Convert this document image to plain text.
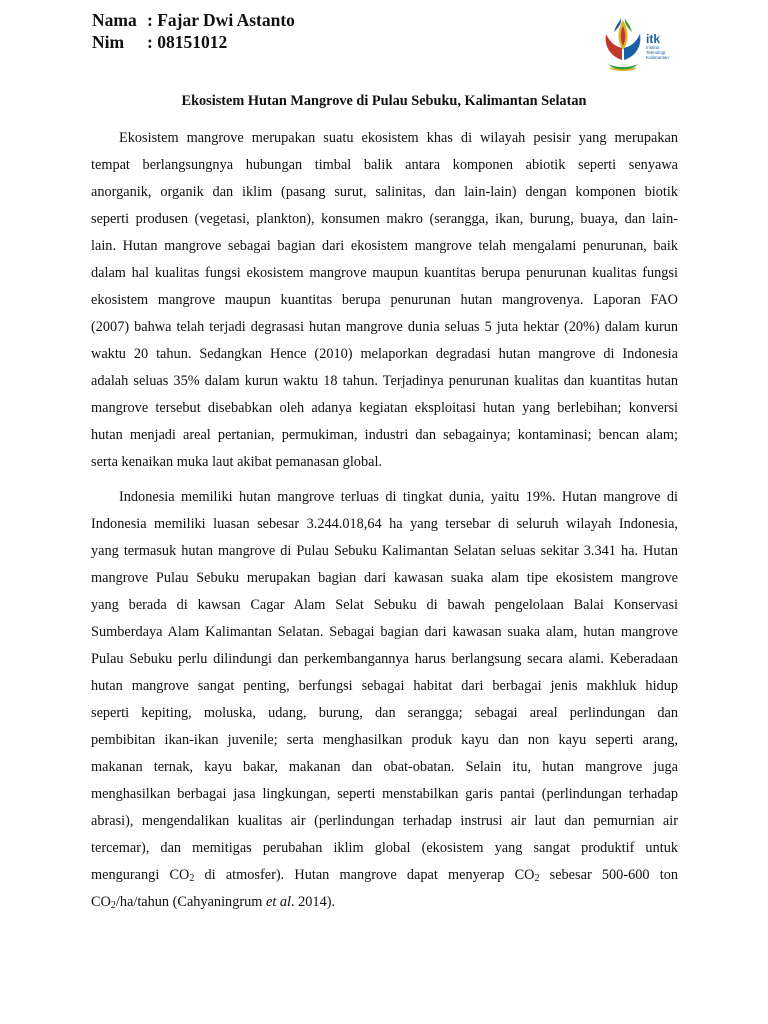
Nama : Fajar Dwi Astanto
Nim : 08151012	itk
Institut
Teknologi
Kalimantan
Ekosistem Hutan Mangrove di Pulau Sebuku, Kalimantan Selatan
Ekosistem mangrove merupakan suatu ekosistem khas di wilayah pesisir yang merupakan
tempat berlangsungnya hubungan timbal balik antara komponen abiotik seperti senyawa
anorganik, organik dan iklim (pasang surut, salinitas, dan lain-lain) dengan komponen biotik
seperti produsen (vegetasi, plankton), konsumen makro (serangga, ikan, burung, buaya, dan lain-
lain. Hutan mangrove sebagai bagian dari ekosistem mangrove telah mengalami penurunan, baik
dalam hal kualitas fungsi ekosistem mangrove maupun kuantitas berupa penurunan kualitas fungsi
ekosistem mangrove maupun kuantitas berupa penurunan hutan mangrovenya. Laporan FAO
(2007) bahwa telah terjadi degrasasi hutan mangrove dunia seluas 5 juta hektar (20%) dalam kurun
waktu 20 tahun. Sedangkan Hence (2010) melaporkan degradasi hutan mangrove di Indonesia
adalah seluas 35% dalam kurun waktu 18 tahun. Terjadinya penurunan kualitas dan kuantitas hutan
mangrove tersebut disebabkan oleh adanya kegiatan eksploitasi hutan yang berlebihan; konversi
hutan menjadi areal pertanian, permukiman, industri dan sebagainya; kontaminasi; bencan alam;
serta kenaikan muka laut akibat pemanasan global.
Indonesia memiliki hutan mangrove terluas di tingkat dunia, yaitu 19%. Hutan mangrove di
Indonesia memiliki luasan sebesar 3.244.018,64 ha yang tersebar di seluruh wilayah Indonesia,
yang termasuk hutan mangrove di Pulau Sebuku Kalimantan Selatan seluas sekitar 3.341 ha. Hutan
mangrove Pulau Sebuku merupakan bagian dari kawasan suaka alam tipe ekosistem mangrove
yang berada di kawsan Cagar Alam Selat Sebuku di bawah pengelolaan Balai Konservasi
Sumberdaya Alam Kalimantan Selatan. Sebagai bagian dari kawasan suaka alam, hutan mangrove
Pulau Sebuku perlu dilindungi dan perkembangannya harus berlangsung secara alami. Keberadaan
hutan mangrove sangat penting, berfungsi sebagai habitat dari berbagai jenis makhluk hidup
seperti kepiting, moluska, udang, burung, dan serangga; sebagai areal perlindungan dan
pembibitan ikan-ikan juvenile; serta menghasilkan produk kayu dan non kayu seperti arang,
makanan ternak, kayu bakar, makanan dan obat-obatan. Selain itu, hutan mangrove juga
menghasilkan berbagai jasa lingkungan, seperti menstabilkan garis pantai (perlindungan terhadap
abrasi), mengendalikan kualitas air (perlindungan terhadap instrusi air laut dan pemurnian air
tercemar), dan memitigas perubahan iklim global (ekosistem yang sangat produktif untuk
mengurangi $CO_2$ di atmosfer). Hutan mangrove dapat menyerap $CO_2$ sebesar 500-600 ton
$CO_2/ha$/tahun (Cahyaningrum et al. 2014).
